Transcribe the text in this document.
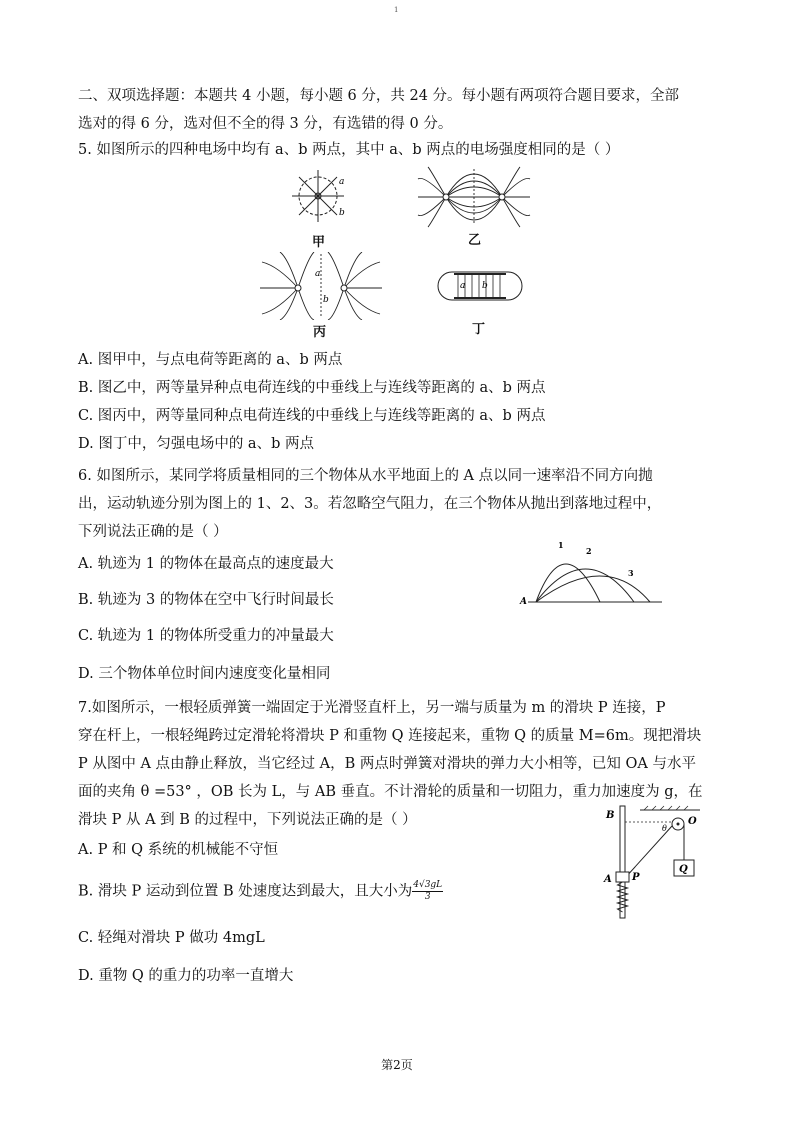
1
二、双项选择题：本题共 4 小题，每小题 6 分，共 24 分。每小题有两项符合题目要求，全部
选对的得 6 分，选对但不全的得 3 分，有选错的得 0 分。
5. 如图所示的四种电场中均有 a、b 两点，其中 a、b 两点的电场强度相同的是（ ）
a
b
甲	乙
a
b
丙
a b
丁
A. 图甲中，与点电荷等距离的 a、b 两点
B. 图乙中，两等量异种点电荷连线的中垂线上与连线等距离的 a、b 两点
C. 图丙中，两等量同种点电荷连线的中垂线上与连线等距离的 a、b 两点
D. 图丁中，匀强电场中的 a、b 两点
6. 如图所示，某同学将质量相同的三个物体从水平地面上的 A 点以同一速率沿不同方向抛
出，运动轨迹分别为图上的 1、2、3。若忽略空气阻力，在三个物体从抛出到落地过程中，
下列说法正确的是（ ）
A
1
2
3
A. 轨迹为 1 的物体在最高点的速度最大
B. 轨迹为 3 的物体在空中飞行时间最长
C. 轨迹为 1 的物体所受重力的冲量最大
D. 三个物体单位时间内速度变化量相同
7.如图所示，一根轻质弹簧一端固定于光滑竖直杆上，另一端与质量为 m 的滑块 P 连接，P
穿在杆上，一根轻绳跨过定滑轮将滑块 P 和重物 Q 连接起来，重物 Q 的质量 M=6m。现把滑块
P 从图中 A 点由静止释放，当它经过 A，B 两点时弹簧对滑块的弹力大小相等，已知 OA 与水平
面的夹角 θ =53° ，OB 长为 L，与 AB 垂直。不计滑轮的质量和一切阻力，重力加速度为 g，在
滑块 P 从 A 到 B 的过程中，下列说法正确的是（ ）	B
A P
Q
O
θ
A. P 和 Q 系统的机械能不守恒
B. 滑块 P 运动到位置 B 处速度达到最大，且大小为 $\frac{4√3gL}{3}$
C. 轻绳对滑块 P 做功 4mgL
D. 重物 Q 的重力的功率一直增大
第2页
